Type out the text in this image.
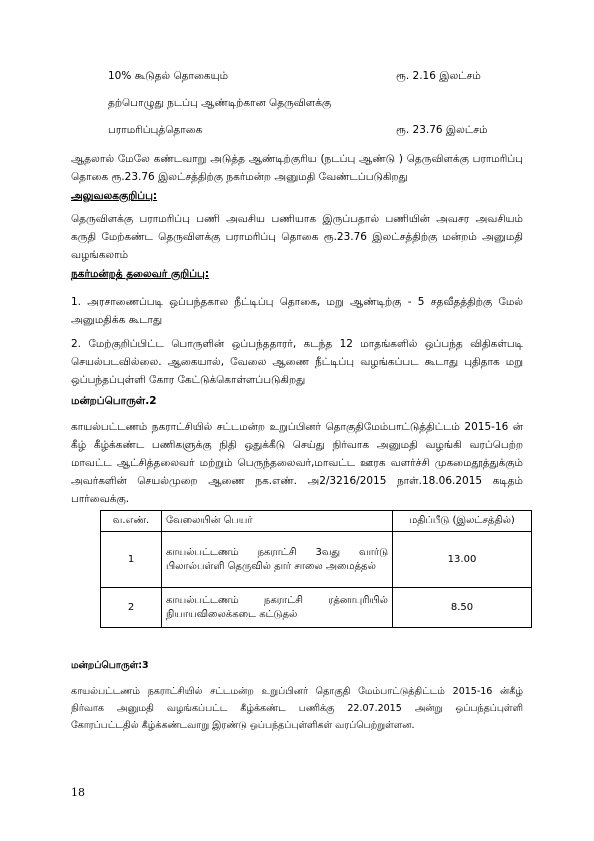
10% கூடுதல் தொகையும்	ரூ. 2.16 இலட்சம்
தற்பொழுது நடப்பு ஆண்டிற்கான தெருவிளக்கு
பராமரிப்புத்தொகை	ரூ. 23.76 இலட்சம்

ஆதலால் மேலே கண்டவாறு அடுத்த ஆண்டிற்குரிய (நடப்பு ஆண்டு ) தெருவிளக்கு பராமரிப்பு தொகை ரூ.23.76 இலட்சத்திற்கு நகர்மன்ற அனுமதி வேண்டப்படுகிறது

அலுவலககுறிப்பு:

தெருவிளக்கு பராமரிப்பு பணி அவசிய பணியாக இருப்பதால் பணியின் அவசர அவசியம் கருதி மேற்கண்ட தெருவிளக்கு பராமரிப்பு தொகை ரூ.23.76 இலட்சத்திற்கு மன்றம் அனுமதி வழங்கலாம்

நகர்மன்றத் தலைவர் குறிப்பு:

1. அரசாணைப்படி ஒப்பந்தகால நீட்டிப்பு தொகை, மறு ஆண்டிற்கு - 5 சதவீதத்திற்கு மேல் அனுமதிக்க கூடாது

2. மேற்குறிப்பிட்ட பொருளின் ஒப்பந்ததாரர், கடந்த 12 மாதங்களில் ஒப்பந்த விதிகள்படி செயல்படவில்லை. ஆகையால், வேலை ஆணை நீட்டிப்பு வழங்கப்பட கூடாது புதிதாக மறு ஒப்பந்தப்புள்ளி கோர கேட்டுக்கொள்ளப்படுகிறது

மன்றப்பொருள்.2

காயல்பட்டணம் நகராட்சியில் சட்டமன்ற உறுப்பினர் தொகுதிமேம்பாட்டுத்திட்டம் 2015-16 ன் கீழ் கீழ்க்கண்ட பணிகளுக்கு நிதி ஒதுக்கீடு செய்து நிர்வாக அனுமதி வழங்கி வரப்பெற்ற மாவட்ட ஆட்சித்தலைவர் மற்றும் பெருந்தலைவர்,மாவட்ட ஊரக வளர்ச்சி முகமைதூத்துக்கும் அவர்களின் செயல்முறை ஆணை நக.எண். அ2/3216/2015 நாள்.18.06.2015 கடிதம் பார்வைக்கு.

வ.எண்.	வேலையின் பெயர்	மதிப்பீடு (இலட்சத்தில்)
1	காயல்பட்டணம் நகராட்சி 3வது வார்டு பிலால்பள்ளி தெருவில் தார் சாலை அமைத்தல்	13.00
2	காயல்பட்டணம் நகராட்சி ரத்னாபுரியில் நியாயவிலைக்கடை கட்டுதல்	8.50
மன்றப்பொருள்:3

காயல்பட்டணம் நகராட்சியில் சட்டமன்ற உறுப்பினர் தொகுதி மேம்பாட்டுத்திட்டம் 2015-16 ன்கீழ் நிர்வாக அனுமதி வழங்கப்பட்ட கீழ்க்கண்ட பணிக்கு 22.07.2015 அன்று ஒப்பந்தப்புள்ளி கோரப்பட்டதில் கீழ்க்கண்டவாறு இரண்டு ஒப்பந்தப்புள்ளிகள் வரப்பெற்றுள்ளன.

18
